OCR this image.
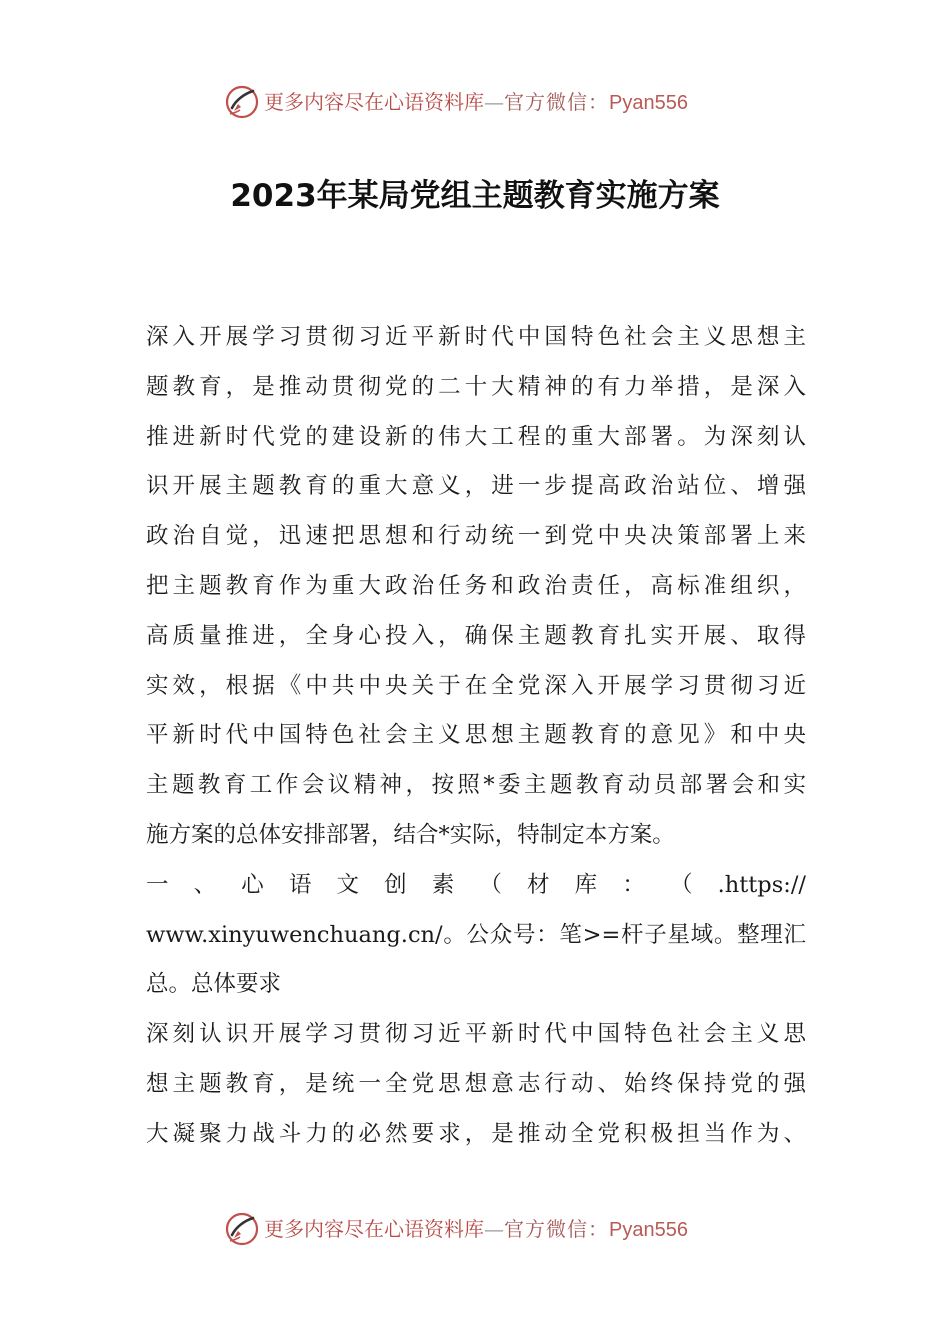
更多内容尽在心语资料库—官方微信：Pyan556
2023年某局党组主题教育实施方案
深入开展学习贯彻习近平新时代中国特色社会主义思想主
题教育，是推动贯彻党的二十大精神的有力举措，是深入
推进新时代党的建设新的伟大工程的重大部署。为深刻认
识开展主题教育的重大意义，进一步提高政治站位、增强
政治自觉，迅速把思想和行动统一到党中央决策部署上来
把主题教育作为重大政治任务和政治责任，高标准组织，
高质量推进，全身心投入，确保主题教育扎实开展、取得
实效，根据《中共中央关于在全党深入开展学习贯彻习近
平新时代中国特色社会主义思想主题教育的意见》和中央
主题教育工作会议精神，按照*委主题教育动员部署会和实
施方案的总体安排部署，结合*实际，特制定本方案。
一 、 心 语 文 创 素 （ 材 库 ： （ .https://
www.xinyuwenchuang.cn/。公众号：笔>=杆子星域。整理汇
总。总体要求
深刻认识开展学习贯彻习近平新时代中国特色社会主义思
想主题教育，是统一全党思想意志行动、始终保持党的强
大凝聚力战斗力的必然要求，是推动全党积极担当作为、
更多内容尽在心语资料库—官方微信：Pyan556
